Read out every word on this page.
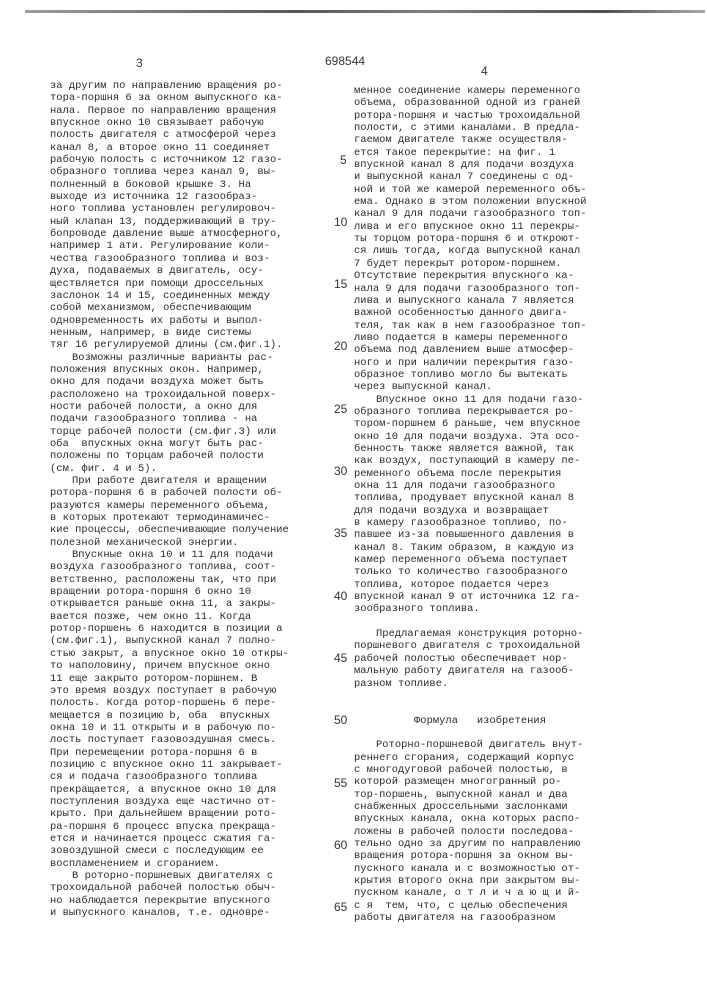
3	698544
4
за другим по направлению вращения ро-
тора-поршня 6 за окном выпускного ка-
нала. Первое по направлению вращения
впускное окно 10 связывает рабочую
полость двигателя с атмосферой через
канал 8, а второе окно 11 соединяет
рабочую полость с источником 12 газо-
образного топлива через канал 9, вы-
полненный в боковой крышке 3. На
выходе из источника 12 газообраз-
ного топлива установлен регулировоч-
ный клапан 13, поддерживающий в тру-
бопроводе давление выше атмосферного,
например 1 ати. Регулирование коли-
чества газообразного топлива и воз-
духа, подаваемых в двигатель, осу-
ществляется при помощи дроссельных
заслонок 14 и 15, соединенных между
собой механизмом, обеспечивающим
одновременность их работы и выпол-
ненным, например, в виде системы
тяг 16 регулируемой длины (см.фиг.1).
Возможны различные варианты рас-
положения впускных окон. Например,
окно для подачи воздуха может быть
расположено на трохоидальной поверх-
ности рабочей полости, а окно для
подачи газообразного топлива - на
торце рабочей полости (см.фиг.3) или
оба  впускных окна могут быть рас-
положены по торцам рабочей полости
(см. фиг. 4 и 5).
При работе двигателя и вращении
ротора-поршня 6 в рабочей полости об-
разуются камеры переменного объема,
в которых протекают термодинамичес-
кие процессы, обеспечивающие получение
полезной механической энергии.
Впускные окна 10 и 11 для подачи
воздуха газообразного топлива, соот-
ветственно, расположены так, что при
вращении ротора-поршня 6 окно 10
открывается раньше окна 11, а закры-
вается позже, чем окно 11. Когда
ротор-поршень 6 находится в позиции а
(см.фиг.1), выпускной канал 7 полно-
стью закрыт, а впускное окно 10 откры-
то наполовину, причем впускное окно
11 еще закрыто ротором-поршнем. В
это время воздух поступает в рабочую
полость. Когда ротор-поршень 6 пере-
мещается в позицию b, оба  впускных
окна 10 и 11 открыты и в рабочую по-
лость поступает газовоздушная смесь.
При перемещении ротора-поршня 6 в
позицию с впускное окно 11 закрывает-
ся и подача газообразного топлива
прекращается, а впускное окно 10 для
поступления воздуха еще частично от-
крыто. При дальнейшем вращении рото-
ра-поршня 6 процесс впуска прекраща-
ется и начинается процесс сжатия га-
зовоздушной смеси с последующим ее
воспламенением и сгоранием.
В роторно-поршневых двигателях с
трохоидальной рабочей полостью обыч-
но наблюдается перекрытие впускного
и выпускного каналов, т.е. одновре-
менное соединение камеры переменного
объема, образованной одной из граней
ротора-поршня и частью трохоидальной
полости, с этими каналами. В предла-
гаемом двигателе также осуществля-
ется такое перекрытие: на фиг. 1
впускной канал 8 для подачи воздуха
и выпускной канал 7 соединены с од-
ной и той же камерой переменного объ-
ема. Однако в этом положении впускной
канал 9 для подачи газообразного топ-
лива и его впускное окно 11 перекры-
ты торцом ротора-поршня 6 и откроют-
ся лишь тогда, когда выпускной канал
7 будет перекрыт ротором-поршнем.
Отсутствие перекрытия впускного ка-
нала 9 для подачи газообразного топ-
лива и выпускного канала 7 является
важной особенностью данного двига-
теля, так как в нем газообразное топ-
ливо подается в камеры переменного
объема под давлением выше атмосфер-
ного и при наличии перекрытия газо-
образное топливо могло бы вытекать
через выпускной канал.
Впускное окно 11 для подачи газо-
образного топлива перекрывается ро-
тором-поршнем 6 раньше, чем впускное
окно 10 для подачи воздуха. Эта осо-
бенность также является важной, так
как воздух, поступающий в камеру пе-
ременного объема после перекрытия
окна 11 для подачи газообразного
топлива, продувает впускной канал 8
для подачи воздуха и возвращает
в камеру газообразное топливо, по-
павшее из-за повышенного давления в
канал 8. Таким образом, в каждую из
камер переменного объема поступает
только то количество газообразного
топлива, которое подается через
впускной канал 9 от источника 12 га-
зообразного топлива.
Предлагаемая конструкция роторно-
поршневого двигателя с трохоидальной
рабочей полостью обеспечивает нор-
мальную работу двигателя на газооб-
разном топливе.
Формула   изобретения
Роторно-поршневой двигатель внут-
реннего сгорания, содержащий корпус
с многодуговой рабочей полостью, в
которой размещен многогранный ро-
тор-поршень, выпускной канал и два
снабженных дроссельными заслонками
впускных канала, окна которых распо-
ложены в рабочей полости последова-
тельно одно за другим по направлению
вращения ротора-поршня за окном вы-
пускного канала и с возможностью от-
крытия второго окна при закрытом вы-
пускном канале, о т л и ч а ю щ и й-
с я  тем, что, с целью обеспечения
работы двигателя на газообразном
5
10
15
20
25
30
35
40
45
50
55
60
65
